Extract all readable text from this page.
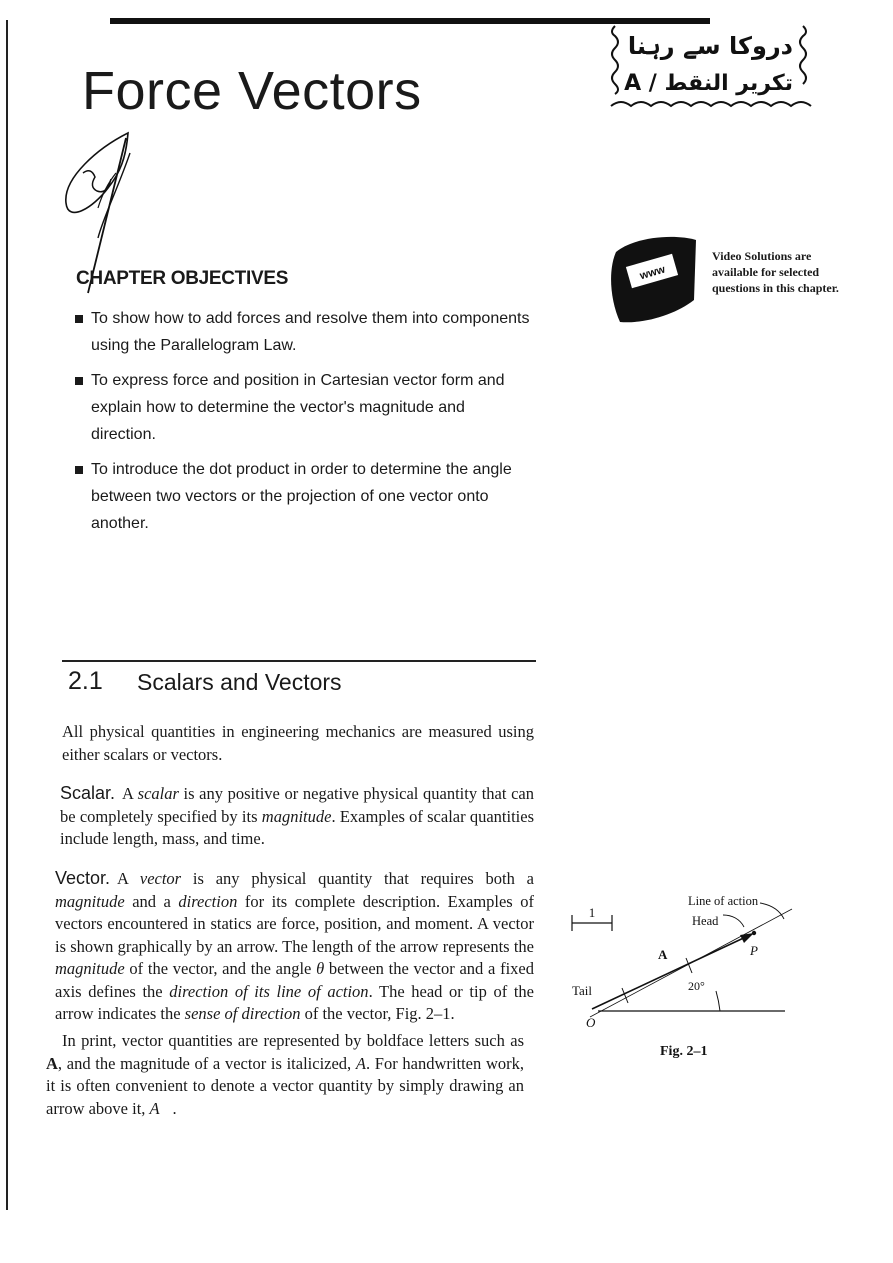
Force Vectors
دروکا سے رہنا
A / تکریر النقط
CHAPTER OBJECTIVES
To show how to add forces and resolve them into components using the Parallelogram Law.
To express force and position in Cartesian vector form and explain how to determine the vector's magnitude and direction.
To introduce the dot product in order to determine the angle between two vectors or the projection of one vector onto another.
www
Video Solutions are available for selected questions in this chapter.
2.1 Scalars and Vectors

All physical quantities in engineering mechanics are measured using either scalars or vectors.

Scalar. A scalar is any positive or negative physical quantity that can be completely specified by its magnitude. Examples of scalar quantities include length, mass, and time.

Vector. A vector is any physical quantity that requires both a magnitude and a direction for its complete description. Examples of vectors encountered in statics are force, position, and moment. A vector is shown graphically by an arrow. The length of the arrow represents the magnitude of the vector, and the angle θ between the vector and a fixed axis defines the direction of its line of action. The head or tip of the arrow indicates the sense of direction of the vector, Fig. 2–1.

In print, vector quantities are represented by boldface letters such as A, and the magnitude of a vector is italicized, A. For handwritten work, it is often convenient to denote a vector quantity by simply drawing an arrow above it, A⃗.

1
Line of action
Head
A	P
20°
Tail
O
Fig. 2–1
